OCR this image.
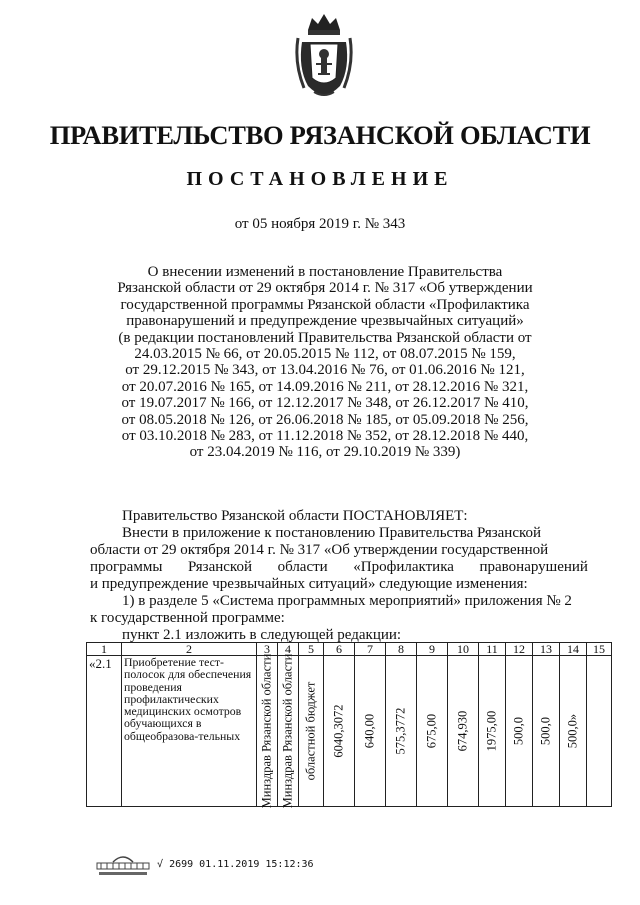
ПРАВИТЕЛЬСТВО РЯЗАНСКОЙ ОБЛАСТИ
ПОСТАНОВЛЕНИЕ
от 05 ноября 2019 г. № 343
О внесении изменений в постановление Правительства
Рязанской области от 29 октября 2014 г. № 317 «Об утверждении
государственной программы Рязанской области «Профилактика
правонарушений и предупреждение чрезвычайных ситуаций»
(в редакции постановлений Правительства Рязанской области от
24.03.2015 № 66, от 20.05.2015 № 112, от 08.07.2015 № 159,
от 29.12.2015 № 343, от 13.04.2016 № 76, от 01.06.2016 № 121,
от 20.07.2016 № 165, от 14.09.2016 № 211, от 28.12.2016 № 321,
от 19.07.2017 № 166, от 12.12.2017 № 348, от 26.12.2017 № 410,
от 08.05.2018 № 126, от 26.06.2018 № 185, от 05.09.2018 № 256,
от 03.10.2018 № 283, от 11.12.2018 № 352, от 28.12.2018 № 440,
от 23.04.2019 № 116, от 29.10.2019 № 339)
Правительство Рязанской области ПОСТАНОВЛЯЕТ:
Внести в приложение к постановлению Правительства Рязанской
области от 29 октября 2014 г. № 317 «Об утверждении государственной
программы Рязанской области «Профилактика правонарушений
и предупреждение чрезвычайных ситуаций» следующие изменения:
1) в разделе 5 «Система программных мероприятий» приложения № 2
к государственной программе:
пункт 2.1 изложить в следующей редакции:
1	2	3	4	5	6	7	8	9	10	11	12	13	14	15
«2.1	Приобретение тест-полосок для обеспечения проведения профилактических медицинских осмотров обучающихся в общеобразова-тельных	Минздрав Рязанской области	Минздрав Рязанской области	областной бюджет	6040,3072	640,00	575,3772	675,00	674,930	1975,00	500,0	500,0	500,0»	

√ 2699 01.11.2019 15:12:36
